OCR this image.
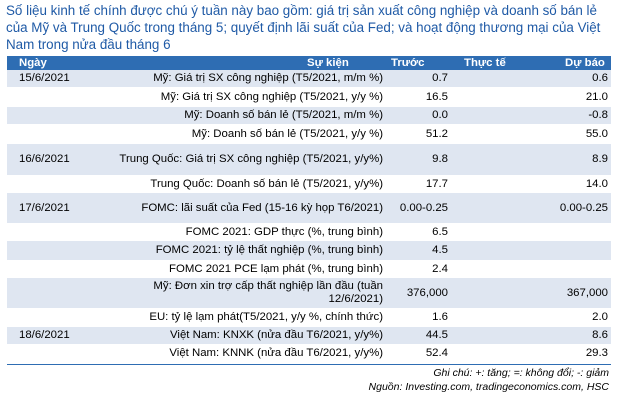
Số liệu kinh tế chính được chú ý tuần này bao gồm: giá trị sản xuất công nghiệp và doanh số bán lẻ của Mỹ và Trung Quốc trong tháng 5; quyết định lãi suất của Fed; và hoạt động thương mại của Việt Nam trong nửa đầu tháng 6
Ngày	Sự kiện	Trước	Thực tế	Dự báo
15/6/2021	Mỹ: Giá trị SX công nghiệp (T5/2021, m/m %)	0.7		0.6
	Mỹ: Giá trị SX công nghiệp (T5/2021, y/y %)	16.5		21.0
	Mỹ: Doanh số bán lẻ (T5/2021, m/m %)	0.0		-0.8
	Mỹ: Doanh số bán lẻ (T5/2021, y/y %)	51.2		55.0
16/6/2021	Trung Quốc: Giá trị SX công nghiệp (T5/2021, y/y%)	9.8		8.9
	Trung Quốc: Doanh số bán lẻ (T5/2021, y/y%)	17.7		14.0
17/6/2021	FOMC: lãi suất của Fed (15-16 kỳ họp T6/2021)	0.00-0.25		0.00-0.25
	FOMC 2021: GDP thực (%, trung bình)	6.5		
	FOMC 2021: tỷ lệ thất nghiệp (%, trung bình)	4.5		
	FOMC 2021 PCE lạm phát (%, trung bình)	2.4		
	Mỹ: Đơn xin trợ cấp thất nghiệp lần đầu (tuần 12/6/2021)	376,000		367,000
	EU: tỷ lệ lạm phát(T5/2021, y/y %, chính thức)	1.6		2.0
18/6/2021	Việt Nam: KNXK (nửa đầu T6/2021, y/y%)	44.5		8.6
	Việt Nam: KNNK (nửa đầu T6/2021, y/y%)	52.4		29.3
Ghi chú: +: tăng; =: không đổi; -: giảm
Nguồn: Investing.com, tradingeconomics.com, HSC
